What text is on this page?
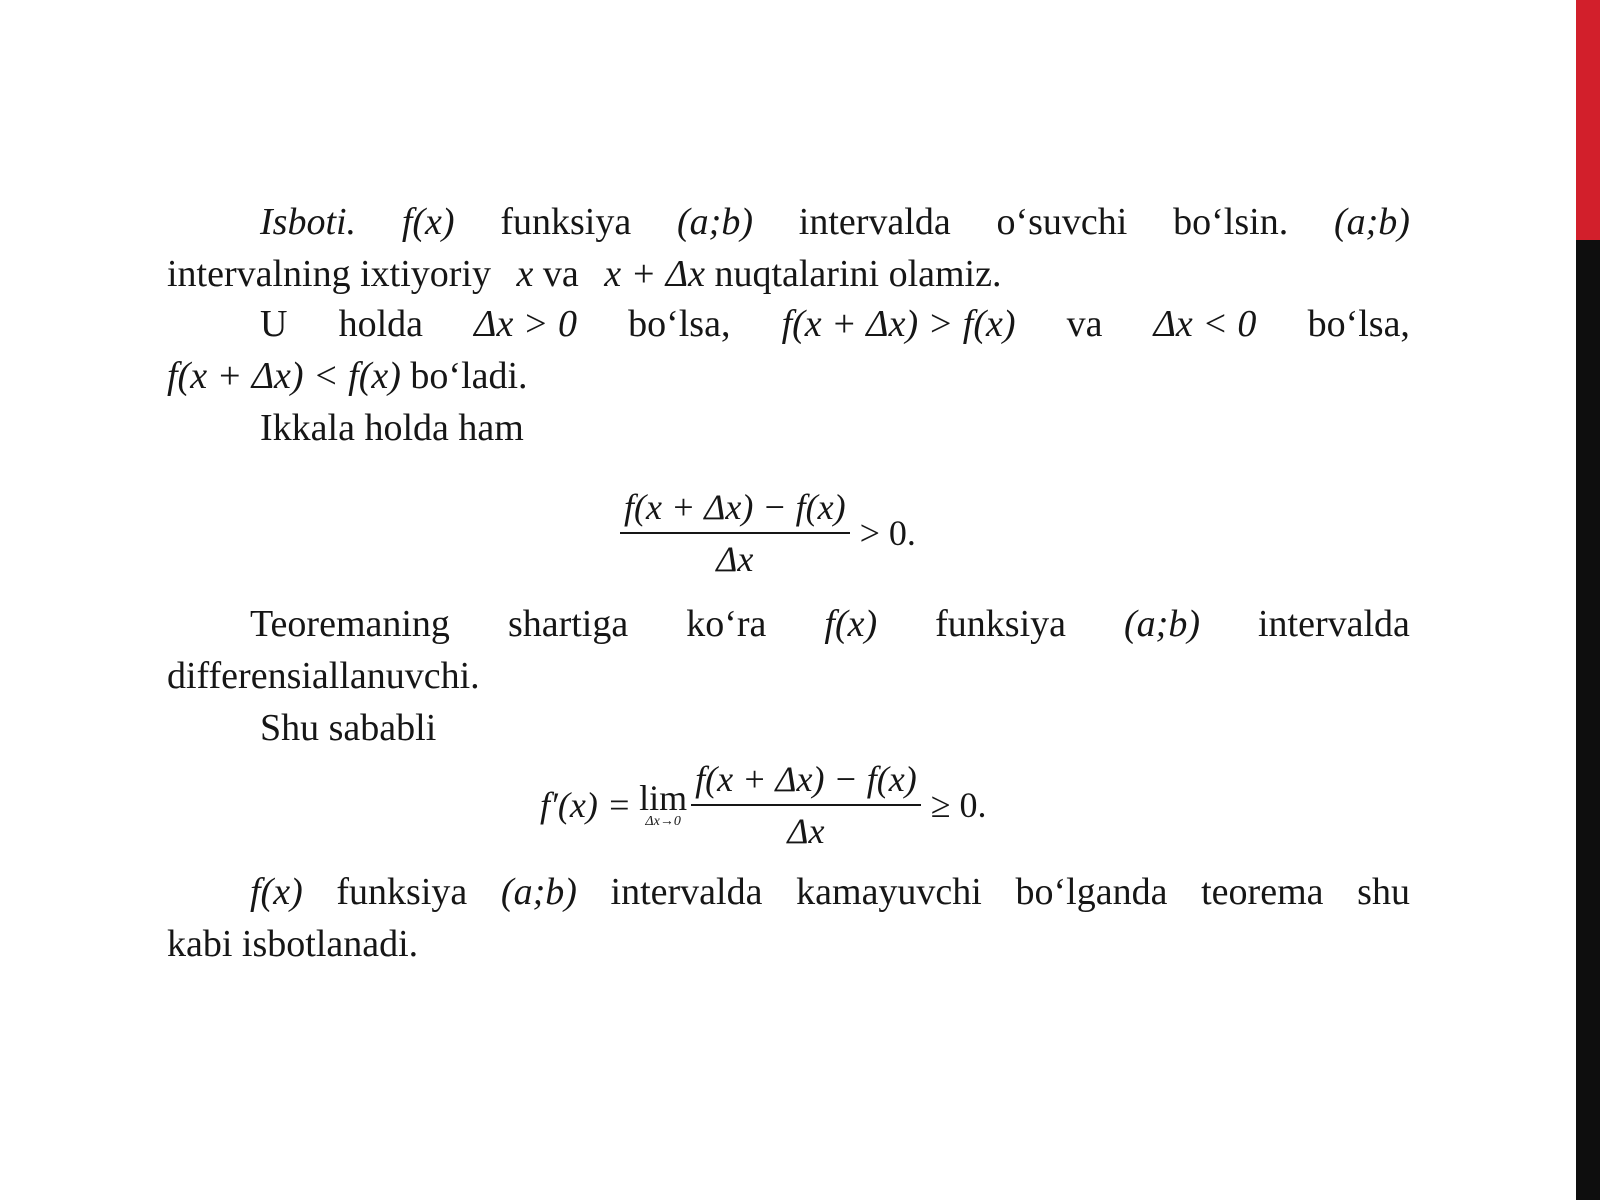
Isboti. f(x) funksiya (a;b) intervalda o‘suvchi bo‘lsin. (a;b)
intervalning ixtiyoriy x va x + Δx nuqtalarini olamiz.
U holda Δx > 0 bo‘lsa, f(x + Δx) > f(x) va Δx < 0 bo‘lsa,
f(x + Δx) < f(x) bo‘ladi.
Ikkala holda ham
$\frac{f(x + \Delta x) - f(x)}{\Delta x} > 0$.
Teoremaning shartiga ko‘ra f(x) funksiya (a;b) intervalda
differensiallanuvchi.
Shu sababli
f′(x) = lim
$\Delta x\to 0 \frac{f(x + \Delta x) - f(x)}{\Delta x} \ge 0$.
f(x) funksiya (a;b) intervalda kamayuvchi bo‘lganda teorema shu
kabi isbotlanadi.
